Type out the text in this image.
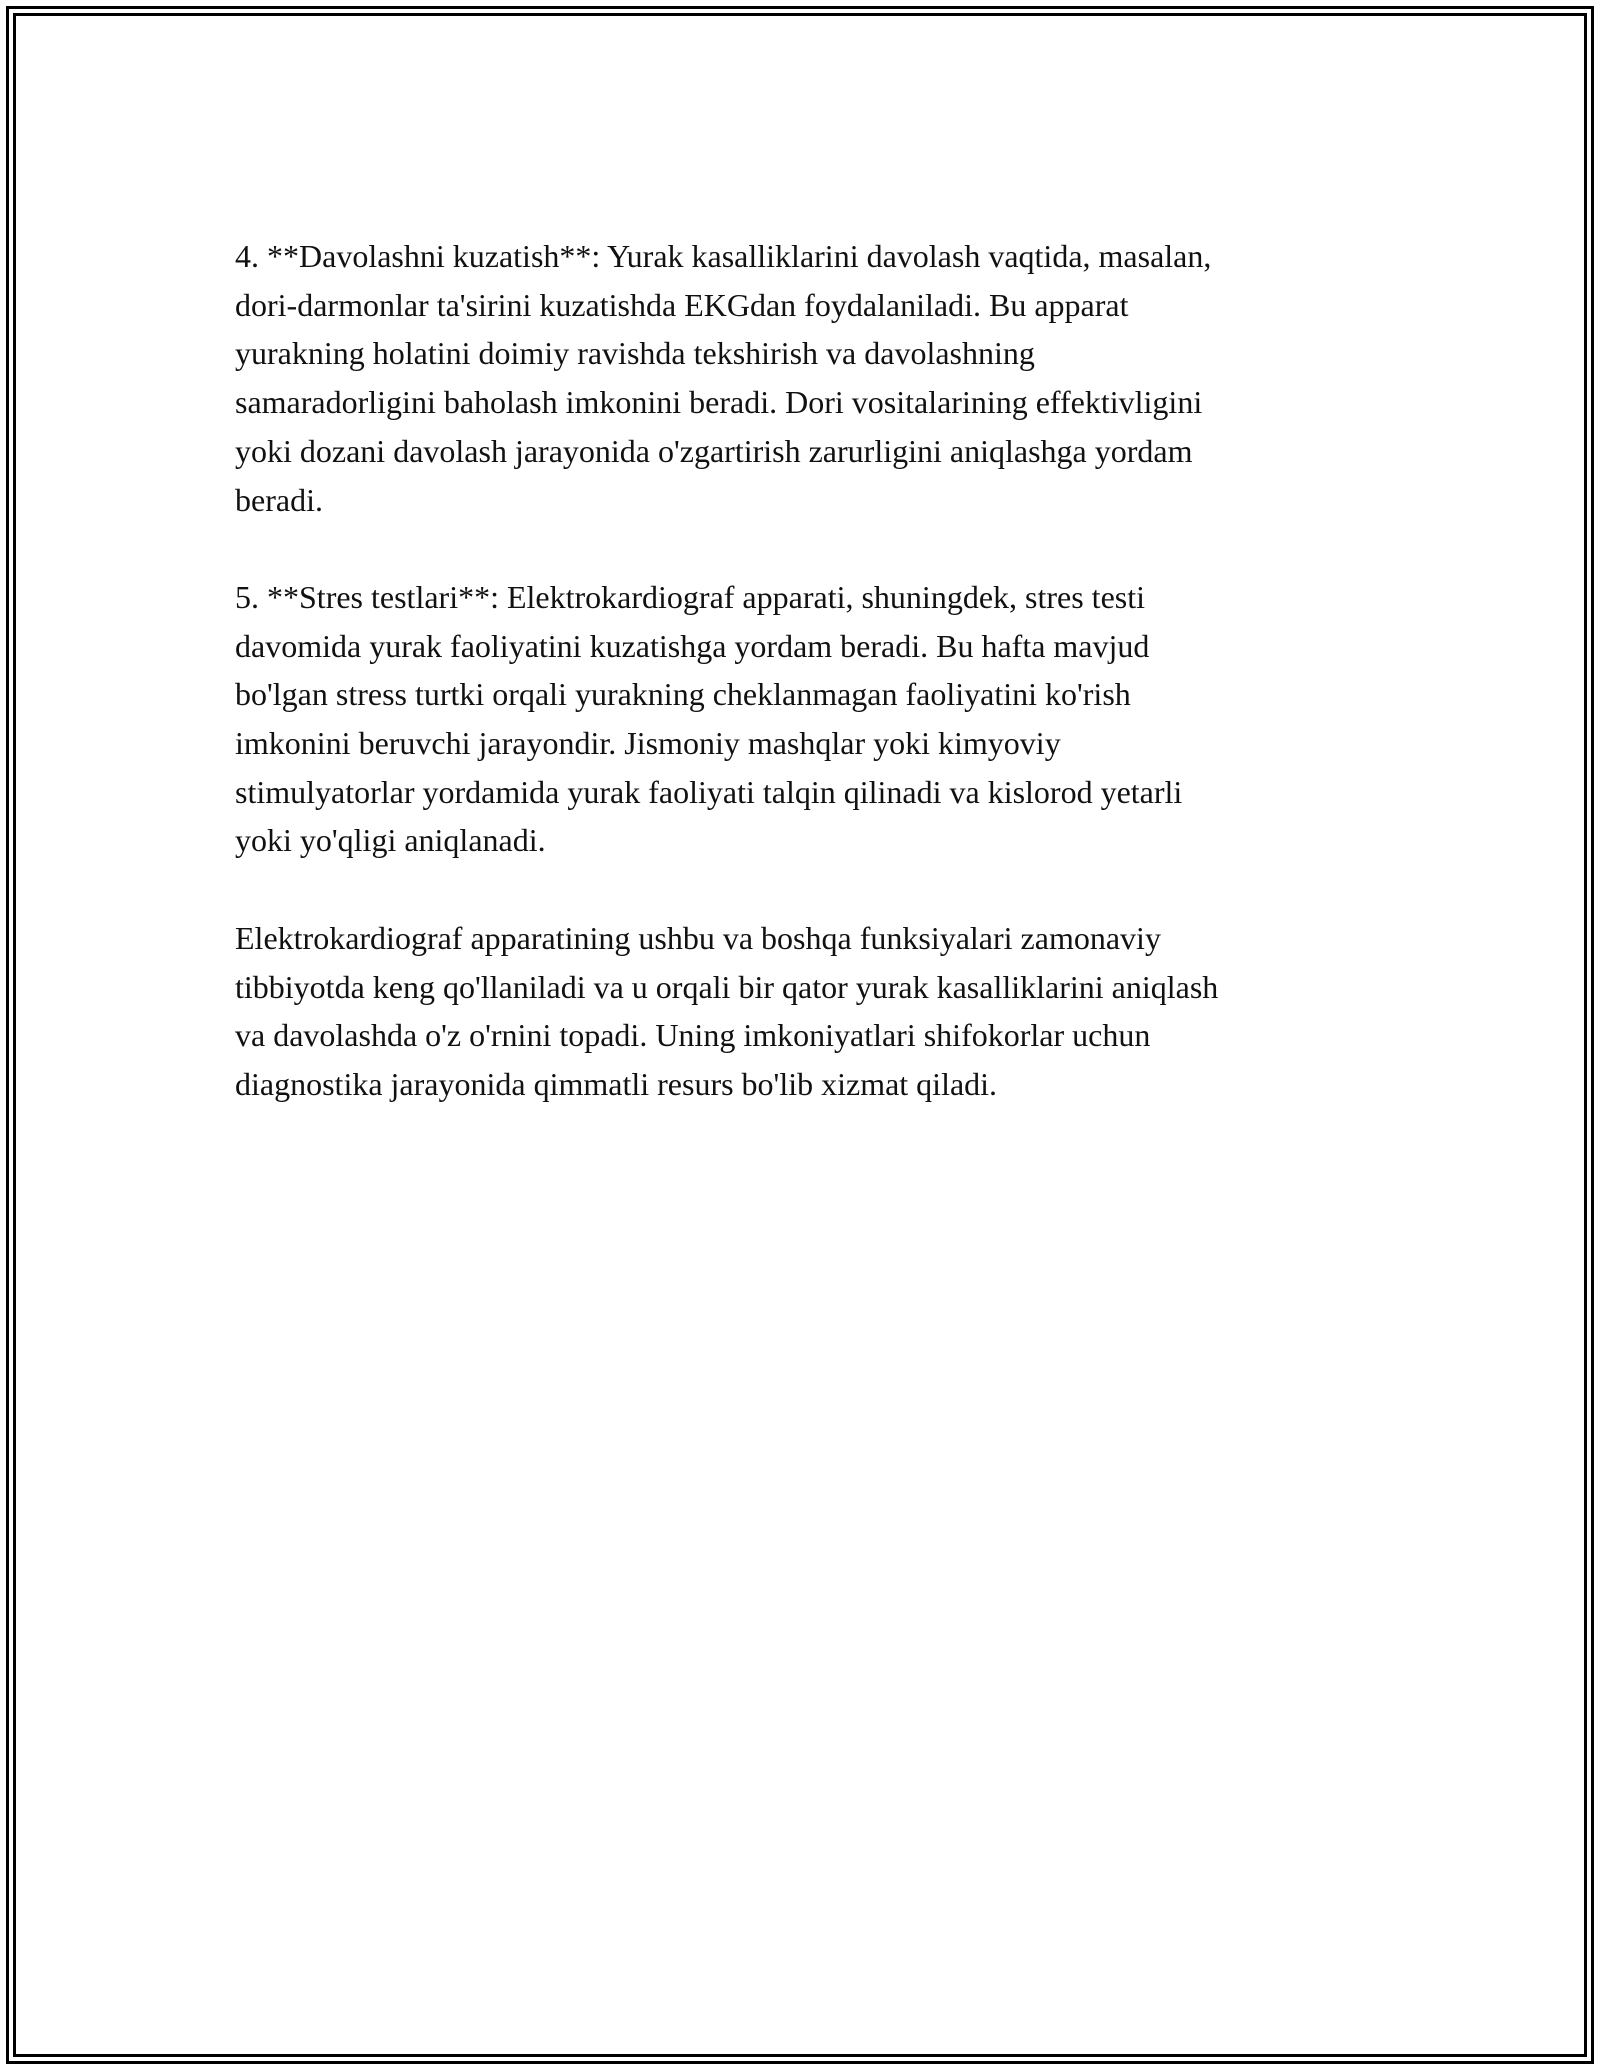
4. **Davolashni kuzatish**: Yurak kasalliklarini davolash vaqtida, masalan,
dori-darmonlar ta'sirini kuzatishda EKGdan foydalaniladi. Bu apparat
yurakning holatini doimiy ravishda tekshirish va davolashning
samaradorligini baholash imkonini beradi. Dori vositalarining effektivligini
yoki dozani davolash jarayonida o'zgartirish zarurligini aniqlashga yordam
beradi.

5. **Stres testlari**: Elektrokardiograf apparati, shuningdek, stres testi
davomida yurak faoliyatini kuzatishga yordam beradi. Bu hafta mavjud
bo'lgan stress turtki orqali yurakning cheklanmagan faoliyatini ko'rish
imkonini beruvchi jarayondir. Jismoniy mashqlar yoki kimyoviy
stimulyatorlar yordamida yurak faoliyati talqin qilinadi va kislorod yetarli
yoki yo'qligi aniqlanadi.

Elektrokardiograf apparatining ushbu va boshqa funksiyalari zamonaviy
tibbiyotda keng qo'llaniladi va u orqali bir qator yurak kasalliklarini aniqlash
va davolashda o'z o'rnini topadi. Uning imkoniyatlari shifokorlar uchun
diagnostika jarayonida qimmatli resurs bo'lib xizmat qiladi.
